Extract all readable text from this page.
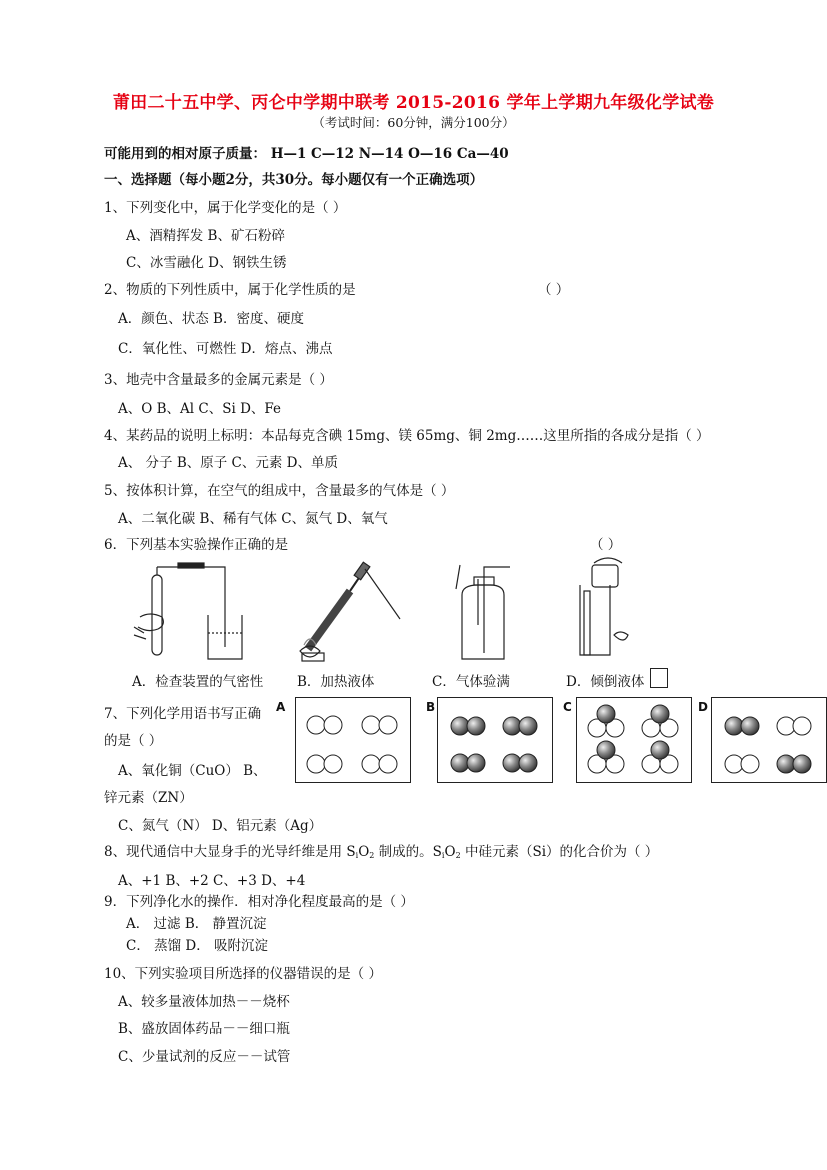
莆田二十五中学、丙仑中学期中联考 2015-2016 学年上学期九年级化学试卷
（考试时间：60分钟，满分100分）
可能用到的相对原子质量： H—1 C—12 N—14 O—16 Ca—40
一、选择题（每小题2分，共30分。每小题仅有一个正确选项）
1、下列变化中，属于化学变化的是（ ）
A、酒精挥发 B、矿石粉碎
C、冰雪融化 D、钢铁生锈
2、物质的下列性质中，属于化学性质的是	（ ）
A．颜色、状态 B．密度、硬度
C．氧化性、可燃性 D．熔点、沸点
3、地壳中含量最多的金属元素是（ ）
A、O B、Al C、Si D、Fe
4、某药品的说明上标明：本品每克含碘 15mg、镁 65mg、铜 2mg……这里所指的各成分是指（ ）
A、 分子 B、原子 C、元素 D、单质
5、按体积计算，在空气的组成中，含量最多的气体是（ ）
A、二氧化碳 B、稀有气体 C、氮气 D、氧气
6．下列基本实验操作正确的是	（ ）
A．检查装置的气密性	B．加热液体	C．气体验满	D．倾倒液体
7、下列化学用语书写正确
的是（ ）
A、氧化铜（CuO） B、
锌元素（ZN）
C、氮气（N） D、铝元素（Ag）
A	B	C	D
8、现代通信中大显身手的光导纤维是用 $S_iO_2$ 制成的。$S_iO_2$ 中硅元素（Si）的化合价为（ ）
A、+1 B、+2 C、+3 D、+4
9．下列净化水的操作．相对净化程度最高的是（ ）
A． 过滤 B． 静置沉淀
C． 蒸馏 D． 吸附沉淀
10、下列实验项目所选择的仪器错误的是（ ）
A、较多量液体加热－－烧杯
B、盛放固体药品－－细口瓶
C、少量试剂的反应－－试管
